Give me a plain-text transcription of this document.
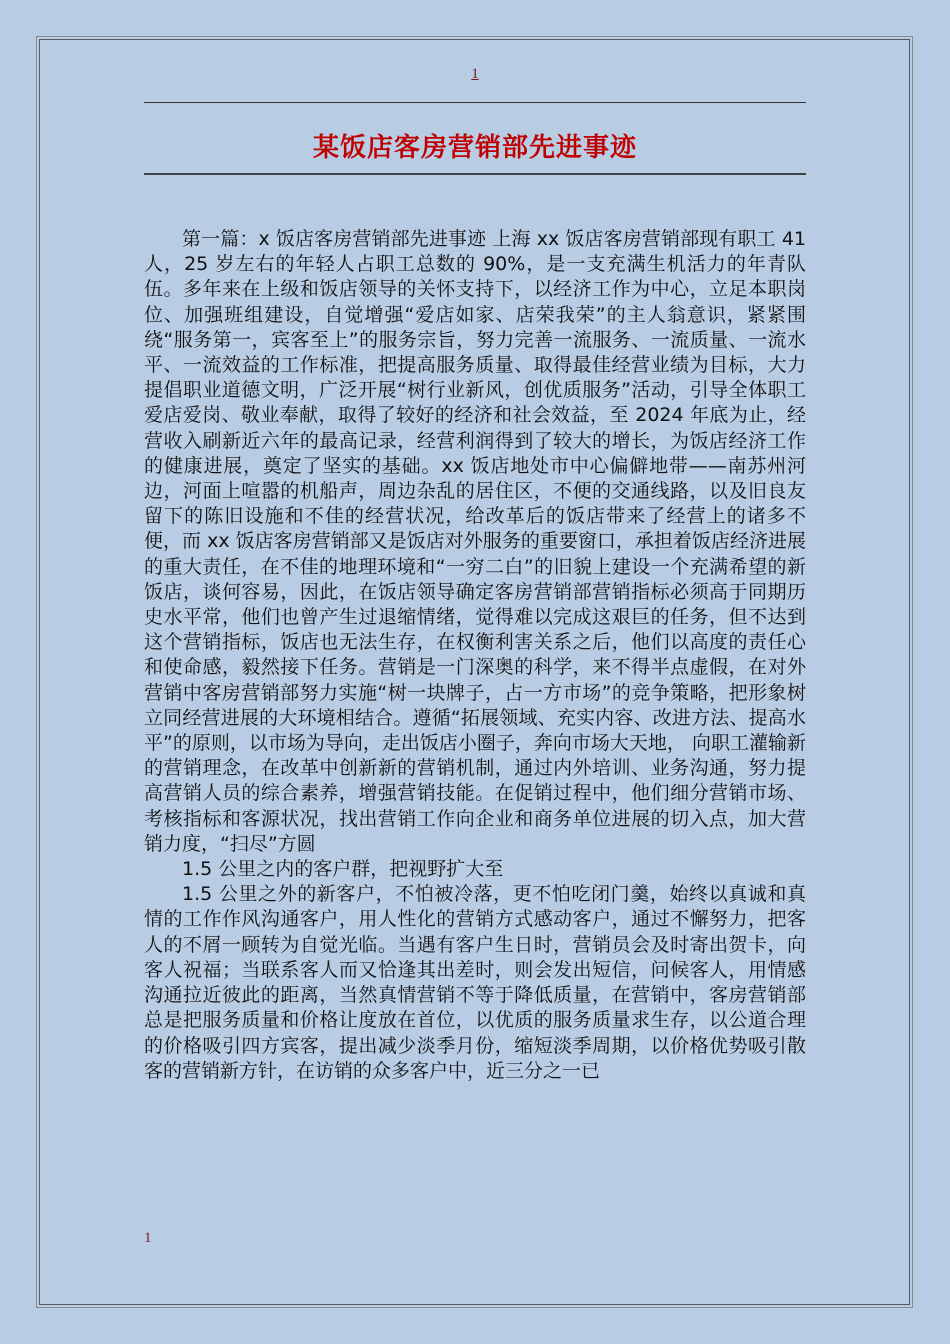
1
某饭店客房营销部先进事迹

第一篇：x 饭店客房营销部先进事迹 上海 xx 饭店客房营销部现有职工 41 人，25 岁左右的年轻人占职工总数的 90%，是一支充满生机活力的年青队伍。多年来在上级和饭店领导的关怀支持下，以经济工作为中心，立足本职岗位、加强班组建设，自觉增强“爱店如家、店荣我荣”的主人翁意识，紧紧围绕“服务第一，宾客至上”的服务宗旨，努力完善一流服务、一流质量、一流水平、一流效益的工作标准，把提高服务质量、取得最佳经营业绩为目标，大力提倡职业道德文明，广泛开展“树行业新风，创优质服务”活动，引导全体职工爱店爱岗、敬业奉献，取得了较好的经济和社会效益，至 2024 年底为止，经营收入刷新近六年的最高记录，经营利润得到了较大的增长，为饭店经济工作的健康进展，奠定了坚实的基础。xx 饭店地处市中心偏僻地带——南苏州河边，河面上喧嚣的机船声，周边杂乱的居住区，不便的交通线路，以及旧良友留下的陈旧设施和不佳的经营状况，给改革后的饭店带来了经营上的诸多不便，而 xx 饭店客房营销部又是饭店对外服务的重要窗口，承担着饭店经济进展的重大责任，在不佳的地理环境和“一穷二白”的旧貌上建设一个充满希望的新饭店，谈何容易，因此，在饭店领导确定客房营销部营销指标必须高于同期历史水平常，他们也曾产生过退缩情绪，觉得难以完成这艰巨的任务，但不达到这个营销指标，饭店也无法生存，在权衡利害关系之后，他们以高度的责任心和使命感，毅然接下任务。营销是一门深奥的科学，来不得半点虚假，在对外营销中客房营销部努力实施“树一块牌子，占一方市场”的竞争策略，把形象树立同经营进展的大环境相结合。遵循“拓展领域、充实内容、改进方法、提高水平”的原则，以市场为导向，走出饭店小圈子，奔向市场大天地， 向职工灌输新的营销理念，在改革中创新新的营销机制，通过内外培训、业务沟通，努力提高营销人员的综合素养，增强营销技能。在促销过程中，他们细分营销市场、考核指标和客源状况，找出营销工作向企业和商务单位进展的切入点，加大营销力度，“扫尽”方圆

1.5 公里之内的客户群，把视野扩大至

1.5 公里之外的新客户，不怕被冷落，更不怕吃闭门羹，始终以真诚和真情的工作作风沟通客户，用人性化的营销方式感动客户，通过不懈努力，把客人的不屑一顾转为自觉光临。当遇有客户生日时，营销员会及时寄出贺卡，向客人祝福；当联系客人而又恰逢其出差时，则会发出短信，问候客人，用情感沟通拉近彼此的距离，当然真情营销不等于降低质量，在营销中，客房营销部总是把服务质量和价格让度放在首位，以优质的服务质量求生存，以公道合理的价格吸引四方宾客，提出减少淡季月份，缩短淡季周期，以价格优势吸引散客的营销新方针，在访销的众多客户中，近三分之一已

1
